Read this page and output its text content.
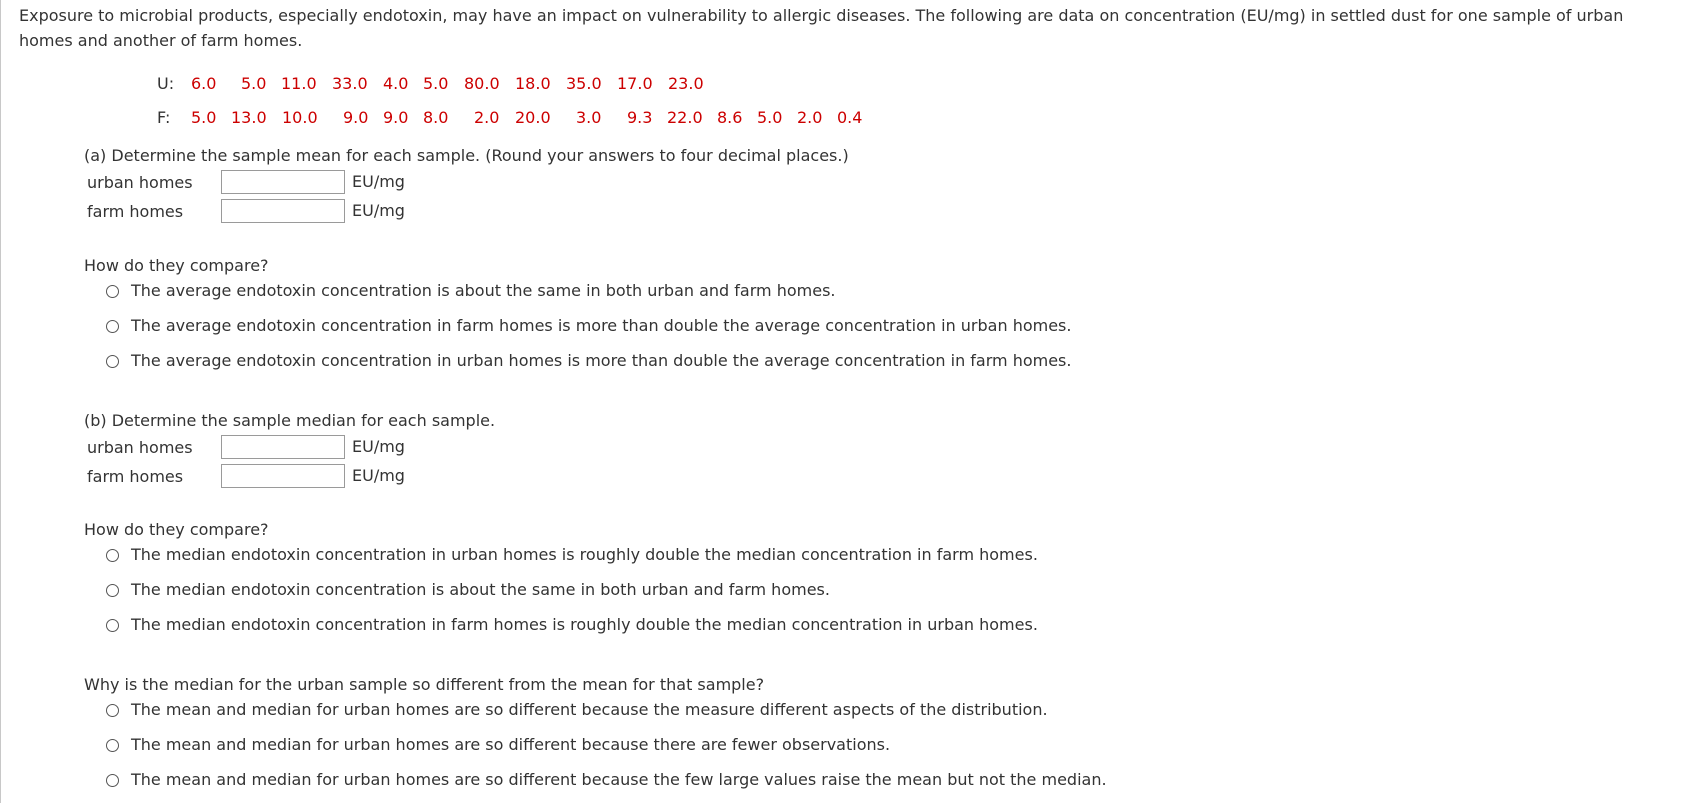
Exposure to microbial products, especially endotoxin, may have an impact on vulnerability to allergic diseases. The following are data on concentration (EU/mg) in settled dust for one sample of urban homes and another of farm homes.
U: 6.0 5.0 11.0 33.0 4.0 5.0 80.0 18.0 35.0 17.0 23.0
F: 5.0 13.0 10.0 9.0 9.0 8.0 2.0 20.0 3.0 9.3 22.0 8.6 5.0 2.0 0.4
(a) Determine the sample mean for each sample. (Round your answers to four decimal places.)
urban homes	EU/mg
farm homes	EU/mg
How do they compare?
The average endotoxin concentration is about the same in both urban and farm homes.
The average endotoxin concentration in farm homes is more than double the average concentration in urban homes.
The average endotoxin concentration in urban homes is more than double the average concentration in farm homes.
(b) Determine the sample median for each sample.
urban homes	EU/mg
farm homes	EU/mg
How do they compare?
The median endotoxin concentration in urban homes is roughly double the median concentration in farm homes.
The median endotoxin concentration is about the same in both urban and farm homes.
The median endotoxin concentration in farm homes is roughly double the median concentration in urban homes.
Why is the median for the urban sample so different from the mean for that sample?
The mean and median for urban homes are so different because the measure different aspects of the distribution.
The mean and median for urban homes are so different because there are fewer observations.
The mean and median for urban homes are so different because the few large values raise the mean but not the median.
